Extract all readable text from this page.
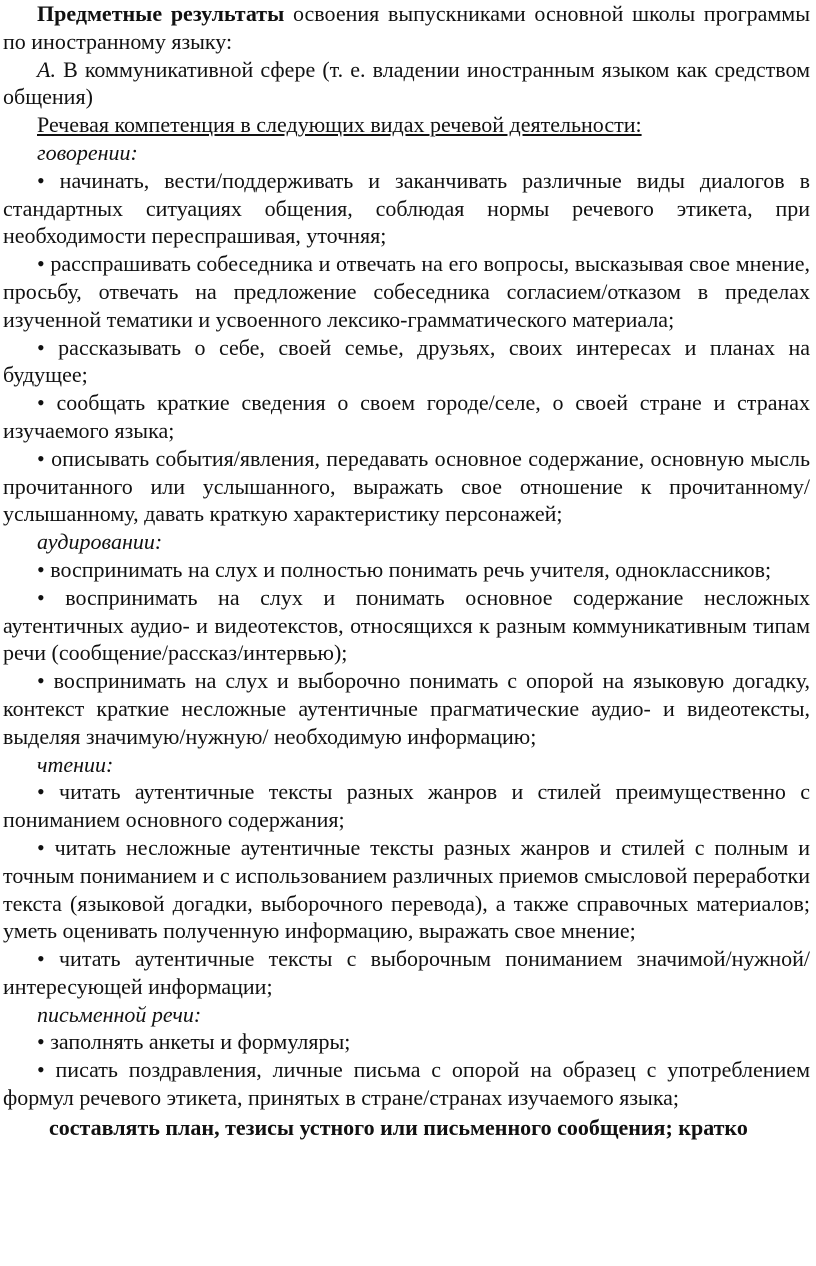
Предметные результаты освоения выпускниками основной школы программы по иностранному языку:

А. В коммуникативной сфере (т. е. владении иностранным языком как средством общения)

Речевая компетенция в следующих видах речевой деятельности:

говорении:

• начинать, вести/поддерживать и заканчивать различные виды диалогов в стандартных ситуациях общения, соблюдая нормы речевого этикета, при необходимости переспрашивая, уточняя;

• расспрашивать собеседника и отвечать на его вопросы, высказывая свое мнение, просьбу, отвечать на предложение собеседника согласием/отказом в пределах изученной тематики и усвоенного лексико-грамматического материала;

• рассказывать о себе, своей семье, друзьях, своих интересах и планах на будущее;

• сообщать краткие сведения о своем городе/селе, о своей стране и странах изучаемого языка;

• описывать события/явления, передавать основное содержание, основную мысль прочитанного или услышанного, выражать свое отношение к прочитанному/услышанному, давать краткую характеристику персонажей;

аудировании:

• воспринимать на слух и полностью понимать речь учителя, одноклассников;

• воспринимать на слух и понимать основное содержание несложных аутентичных аудио- и видеотекстов, относящихся к разным коммуникативным типам речи (сообщение/рассказ/интервью);

• воспринимать на слух и выборочно понимать с опорой на языковую догадку, контекст краткие несложные аутентичные прагматические аудио- и видеотексты, выделяя значимую/нужную/ необходимую информацию;

чтении:

• читать аутентичные тексты разных жанров и стилей преимущественно с пониманием основного содержания;

• читать несложные аутентичные тексты разных жанров и стилей с полным и точным пониманием и с использованием различных приемов смысловой переработки текста (языковой догадки, выборочного перевода), а также справочных материалов; уметь оценивать полученную информацию, выражать свое мнение;

• читать аутентичные тексты с выборочным пониманием значимой/нужной/интересующей информации;

письменной речи:

• заполнять анкеты и формуляры;

• писать поздравления, личные письма с опорой на образец с употреблением формул речевого этикета, принятых в стране/странах изучаемого языка;

составлять план, тезисы устного или письменного сообщения; кратко
